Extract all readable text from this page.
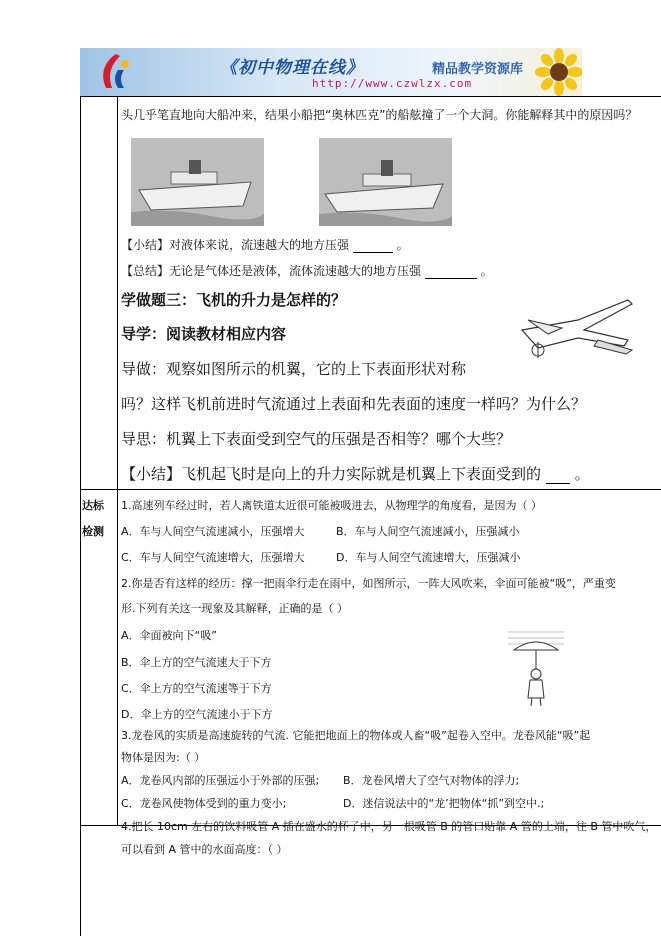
《初中物理在线》	精品教学资源库
http://www.czwlzx.com
头几乎笔直地向大船冲来，结果小船把“奥林匹克”的船舷撞了一个大洞。你能解释其中的原因吗？
【小结】对液体来说，流速越大的地方压强	。
【总结】无论是气体还是液体，流体流速越大的地方压强	。
学做题三：飞机的升力是怎样的？
导学：阅读教材相应内容
导做：观察如图所示的机翼，它的上下表面形状对称
吗？这样飞机前进时气流通过上表面和先表面的速度一样吗？为什么？
导思：机翼上下表面受到空气的压强是否相等？哪个大些？
【小结】飞机起飞时是向上的升力实际就是机翼上下表面受到的 。
达标
检测
1.高速列车经过时，若人离铁道太近很可能被吸进去，从物理学的角度看，是因为（ ）
A．车与人间空气流速减小，压强增大	B．车与人间空气流速减小，压强减小
C．车与人间空气流速增大，压强增大	D．车与人间空气流速增大，压强减小
2.你是否有这样的经历：撑一把雨伞行走在雨中，如图所示，一阵大风吹来，伞面可能被“吸”，严重变
形.下列有关这一现象及其解释，正确的是（ ）
A．伞面被向下“吸”
B．伞上方的空气流速大于下方
C．伞上方的空气流速等于下方
D．伞上方的空气流速小于下方
3.龙卷风的实质是高速旋转的气流. 它能把地面上的物体或人畜“吸”起卷入空中。龙卷风能“吸”起
物体是因为:（ ）
A．龙卷风内部的压强远小于外部的压强; B．龙卷风增大了空气对物体的浮力;
C．龙卷风使物体受到的重力变小;	D．迷信说法中的“龙’把物体“抓”到空中.;
4.把长 10cm 左右的饮料吸管 A 插在盛水的杯子中，另一根吸管 B 的管口贴靠 A 管的上端，往 B 管中吹气，
可以看到 A 管中的水面高度：（ ）
